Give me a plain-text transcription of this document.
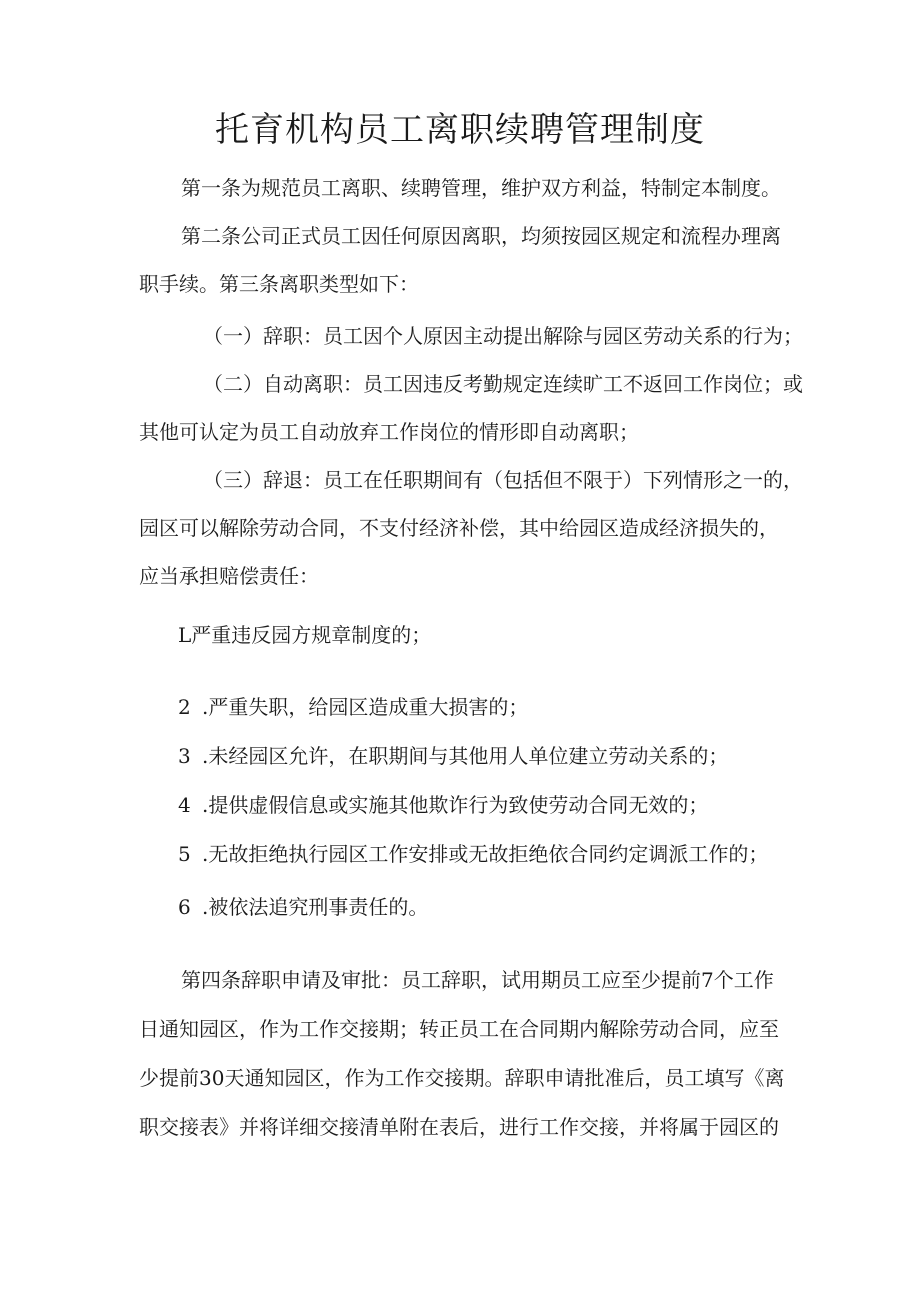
托育机构员工离职续聘管理制度
第一条为规范员工离职、续聘管理，维护双方利益，特制定本制度。
第二条公司正式员工因任何原因离职，均须按园区规定和流程办理离
职手续。第三条离职类型如下：
（一）辞职：员工因个人原因主动提出解除与园区劳动关系的行为；
（二）自动离职：员工因违反考勤规定连续旷工不返回工作岗位；或
其他可认定为员工自动放弃工作岗位的情形即自动离职；
（三）辞退：员工在任职期间有（包括但不限于）下列情形之一的，
园区可以解除劳动合同，不支付经济补偿，其中给园区造成经济损失的，
应当承担赔偿责任：
L严重违反园方规章制度的；
2 .严重失职，给园区造成重大损害的；
3 .未经园区允许，在职期间与其他用人单位建立劳动关系的；
4 .提供虚假信息或实施其他欺诈行为致使劳动合同无效的；
5 .无故拒绝执行园区工作安排或无故拒绝依合同约定调派工作的；
6 .被依法追究刑事责任的。
第四条辞职申请及审批：员工辞职，试用期员工应至少提前7个工作
日通知园区，作为工作交接期；转正员工在合同期内解除劳动合同，应至
少提前30天通知园区，作为工作交接期。辞职申请批准后，员工填写《离
职交接表》并将详细交接清单附在表后，进行工作交接，并将属于园区的
